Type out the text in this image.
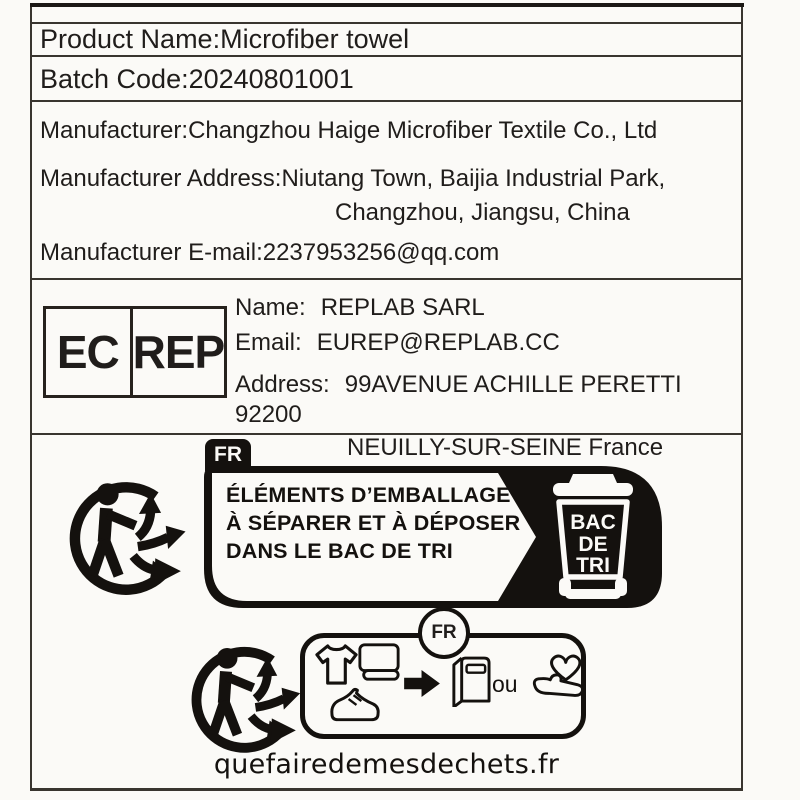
Product Name:Microfiber towel
Batch Code:20240801001

Manufacturer:Changzhou Haige Microfiber Textile Co., Ltd

Manufacturer Address:Niutang Town, Baijia Industrial Park,

Changzhou, Jiangsu, China

Manufacturer E-mail:2237953256@qq.com

EC REP

Name: REPLAB SARL

Email: EUREP@REPLAB.CC

Address: 99AVENUE ACHILLE PERETTI 92200

NEUILLY-SUR-SEINE France

FR
BAC
DE
TRI
ÉLÉMENTS D’EMBALLAGE
À SÉPARER ET À DÉPOSER
DANS LE BAC DE TRI
FR
ou
quefairedemesdechets.fr
